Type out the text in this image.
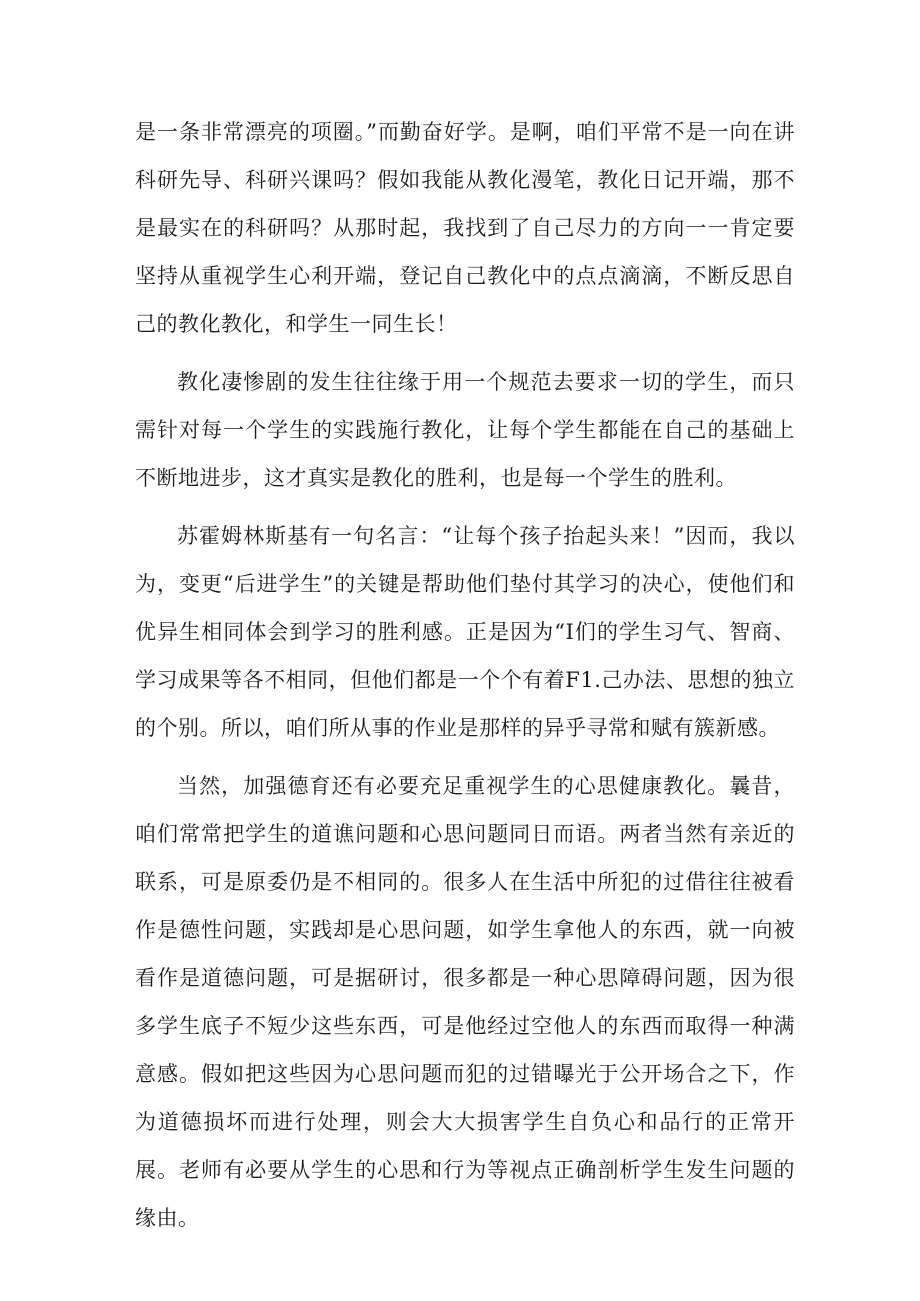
是一条非常漂亮的项圈。”而勤奋好学。是啊，咱们平常不是一向在讲科研先导、科研兴课吗？假如我能从教化漫笔，教化日记开端，那不是最实在的科研吗？从那时起，我找到了自己尽力的方向一一肯定要坚持从重视学生心利开端，登记自己教化中的点点滴滴，不断反思自己的教化教化，和学生一同生长！

教化凄惨剧的发生往往缘于用一个规范去要求一切的学生，而只需针对每一个学生的实践施行教化，让每个学生都能在自己的基础上不断地进步，这才真实是教化的胜利，也是每一个学生的胜利。

苏霍姆林斯基有一句名言：“让每个孩子抬起头来！”因而，我以为，变更“后进学生”的关键是帮助他们垫付其学习的决心，使他们和优异生相同体会到学习的胜利感。正是因为“I们的学生习气、智商、学习成果等各不相同，但他们都是一个个有着F1.己办法、思想的独立的个别。所以，咱们所从事的作业是那样的异乎寻常和赋有簇新感。

当然，加强德育还有必要充足重视学生的心思健康教化。曩昔，咱们常常把学生的道谯问题和心思问题同日而语。两者当然有亲近的联系，可是原委仍是不相同的。很多人在生活中所犯的过借往往被看作是德性问题，实践却是心思问题，如学生拿他人的东西，就一向被看作是道德问题，可是据研讨，很多都是一种心思障碍问题，因为很多学生底子不短少这些东西，可是他经过空他人的东西而取得一种满意感。假如把这些因为心思问题而犯的过错曝光于公开场合之下，作为道德损坏而进行处理，则会大大损害学生自负心和品行的正常开展。老师有必要从学生的心思和行为等视点正确剖析学生发生问题的缘由。
